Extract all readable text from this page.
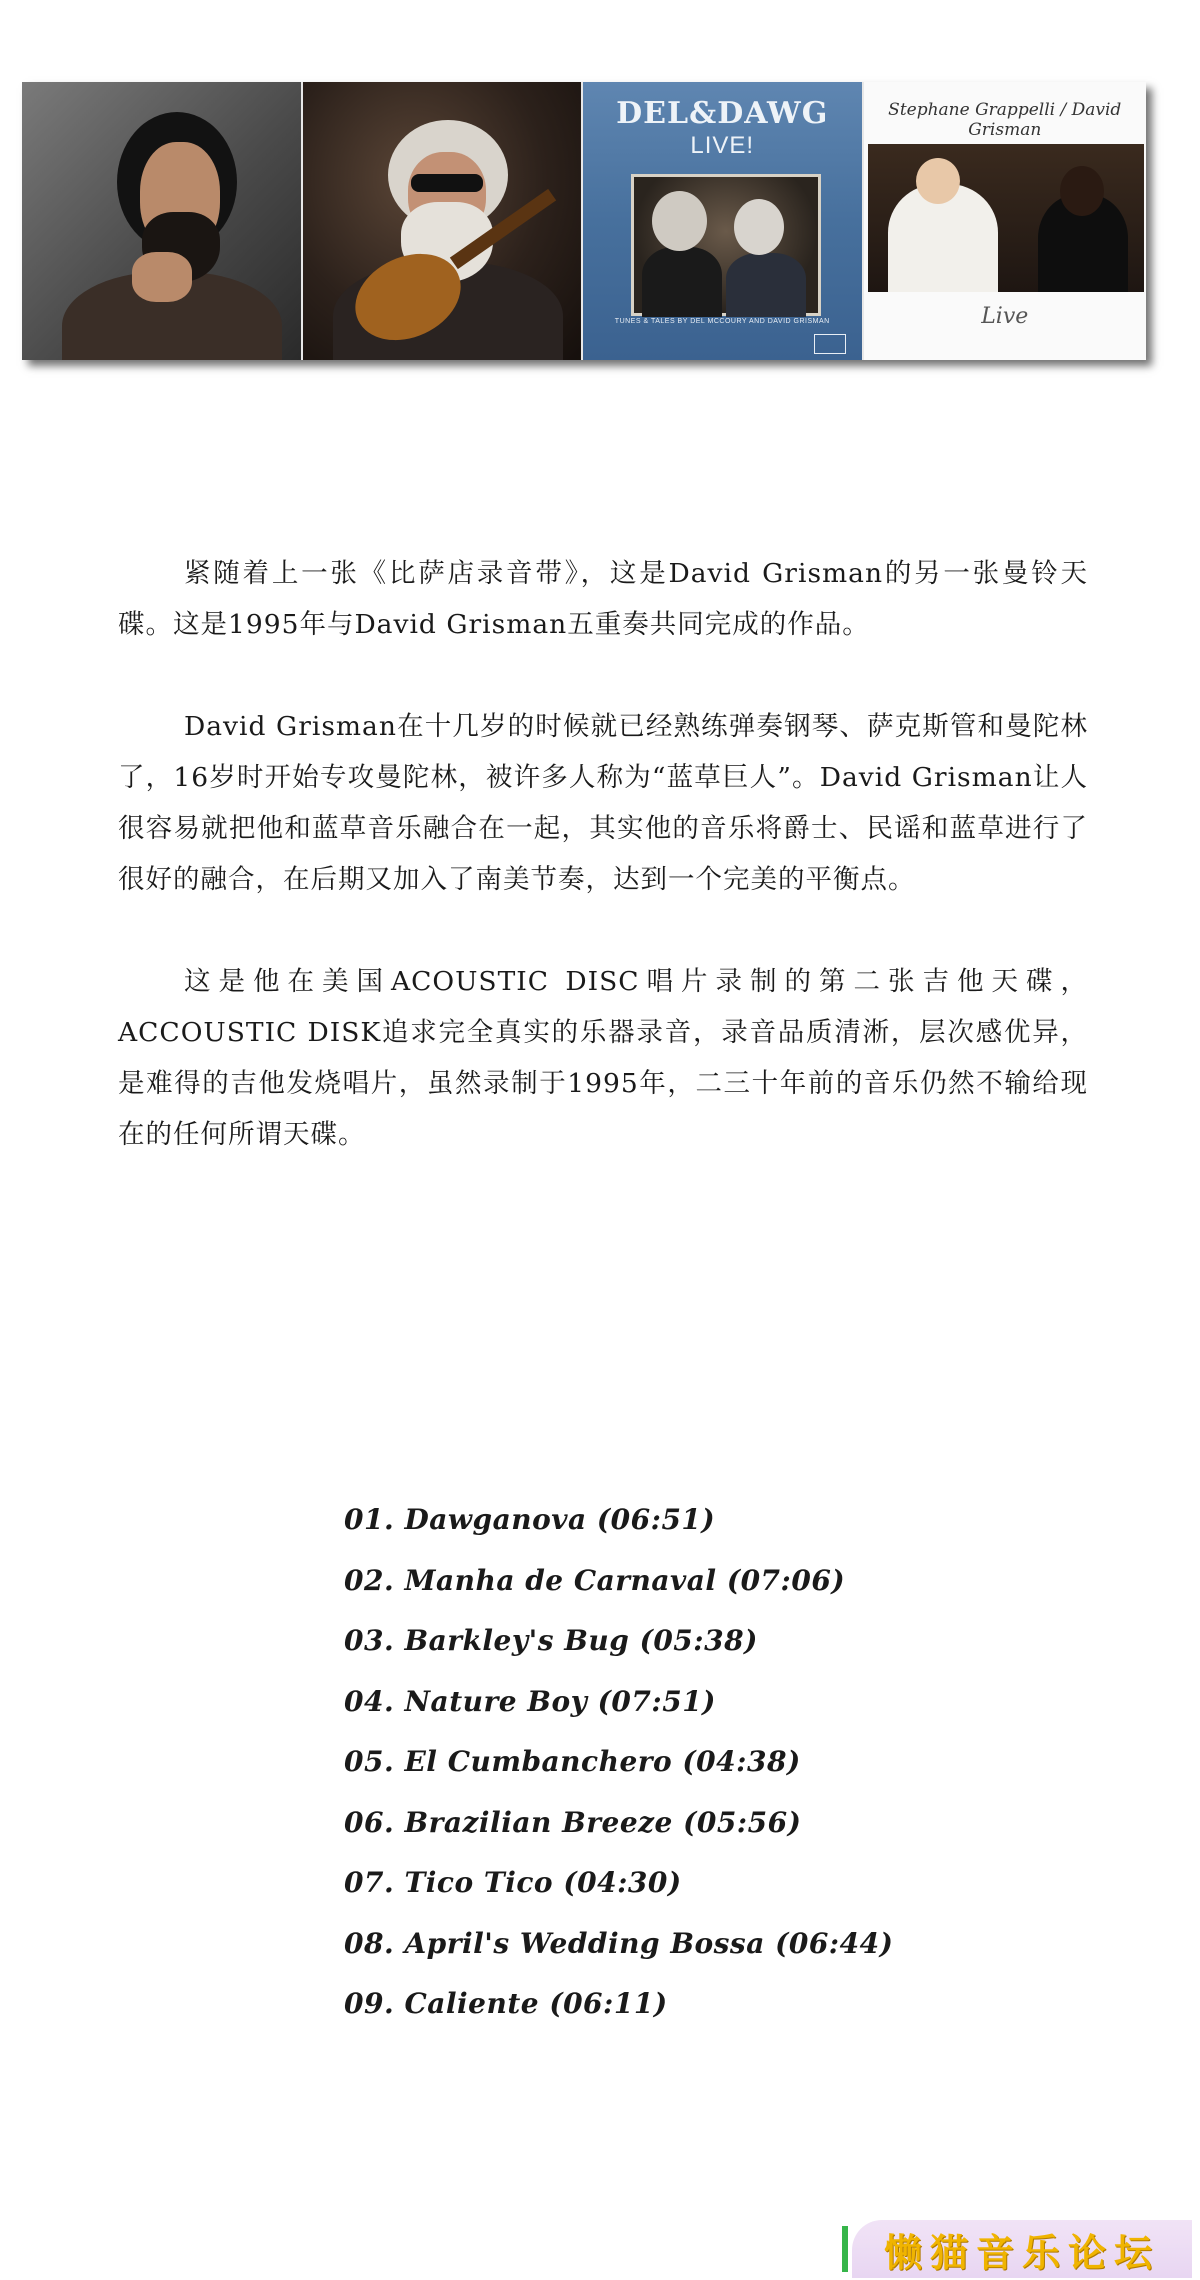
DEL&DAWG
LIVE!
TUNES & TALES BY DEL MCCOURY AND DAVID GRISMAN
Stephane Grappelli / David Grisman
Live

紧随着上一张《比萨店录音带》，这是David Grisman的另一张曼铃天碟。这是1995年与David Grisman五重奏共同完成的作品。

David Grisman在十几岁的时候就已经熟练弹奏钢琴、萨克斯管和曼陀林了，16岁时开始专攻曼陀林，被许多人称为“蓝草巨人”。David Grisman让人很容易就把他和蓝草音乐融合在一起，其实他的音乐将爵士、民谣和蓝草进行了很好的融合，在后期又加入了南美节奏，达到一个完美的平衡点。

这是他在美国ACOUSTIC DISC唱片录制的第二张吉他天碟，ACCOUSTIC DISK追求完全真实的乐器录音，录音品质清淅，层次感优异，是难得的吉他发烧唱片，虽然录制于1995年，二三十年前的音乐仍然不输给现在的任何所谓天碟。

01. Dawganova (06:51)
02. Manha de Carnaval (07:06)
03. Barkley's Bug (05:38)
04. Nature Boy (07:51)
05. El Cumbanchero (04:38)
06. Brazilian Breeze (05:56)
07. Tico Tico (04:30)
08. April's Wedding Bossa (06:44)
09. Caliente (06:11)
懒猫音乐论坛
